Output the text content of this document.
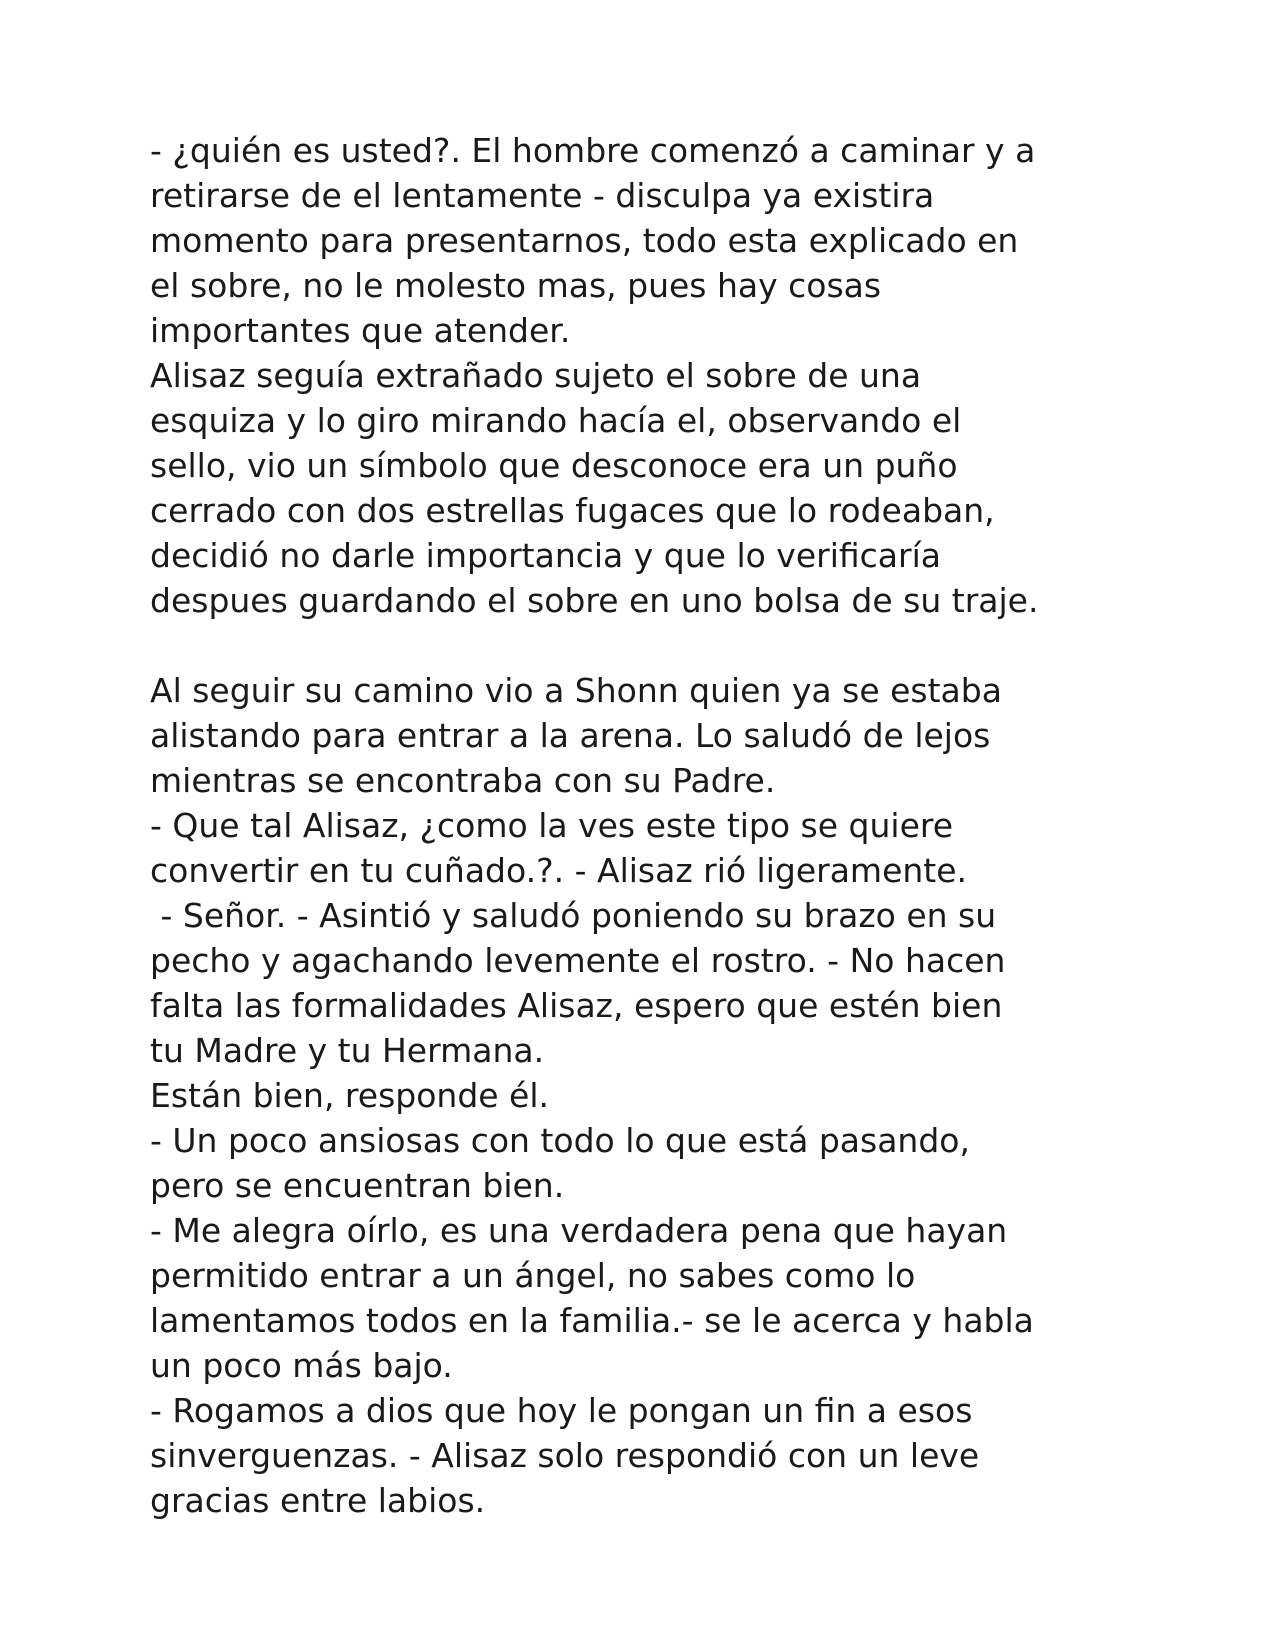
- ¿quién es usted?. El hombre comenzó a caminar y a
retirarse de el lentamente - disculpa ya existira
momento para presentarnos, todo esta explicado en
el sobre, no le molesto mas, pues hay cosas
importantes que atender.
Alisaz seguía extrañado sujeto el sobre de una
esquiza y lo giro mirando hacía el, observando el
sello, vio un símbolo que desconoce era un puño
cerrado con dos estrellas fugaces que lo rodeaban,
decidió no darle importancia y que lo verificaría
despues guardando el sobre en uno bolsa de su traje.
Al seguir su camino vio a Shonn quien ya se estaba
alistando para entrar a la arena. Lo saludó de lejos
mientras se encontraba con su Padre.
- Que tal Alisaz, ¿como la ves este tipo se quiere
convertir en tu cuñado.?. - Alisaz rió ligeramente.
- Señor. - Asintió y saludó poniendo su brazo en su
pecho y agachando levemente el rostro. - No hacen
falta las formalidades Alisaz, espero que estén bien
tu Madre y tu Hermana.
Están bien, responde él.
- Un poco ansiosas con todo lo que está pasando,
pero se encuentran bien.
- Me alegra oírlo, es una verdadera pena que hayan
permitido entrar a un ángel, no sabes como lo
lamentamos todos en la familia.- se le acerca y habla
un poco más bajo.
- Rogamos a dios que hoy le pongan un fin a esos
sinverguenzas. - Alisaz solo respondió con un leve
gracias entre labios.
